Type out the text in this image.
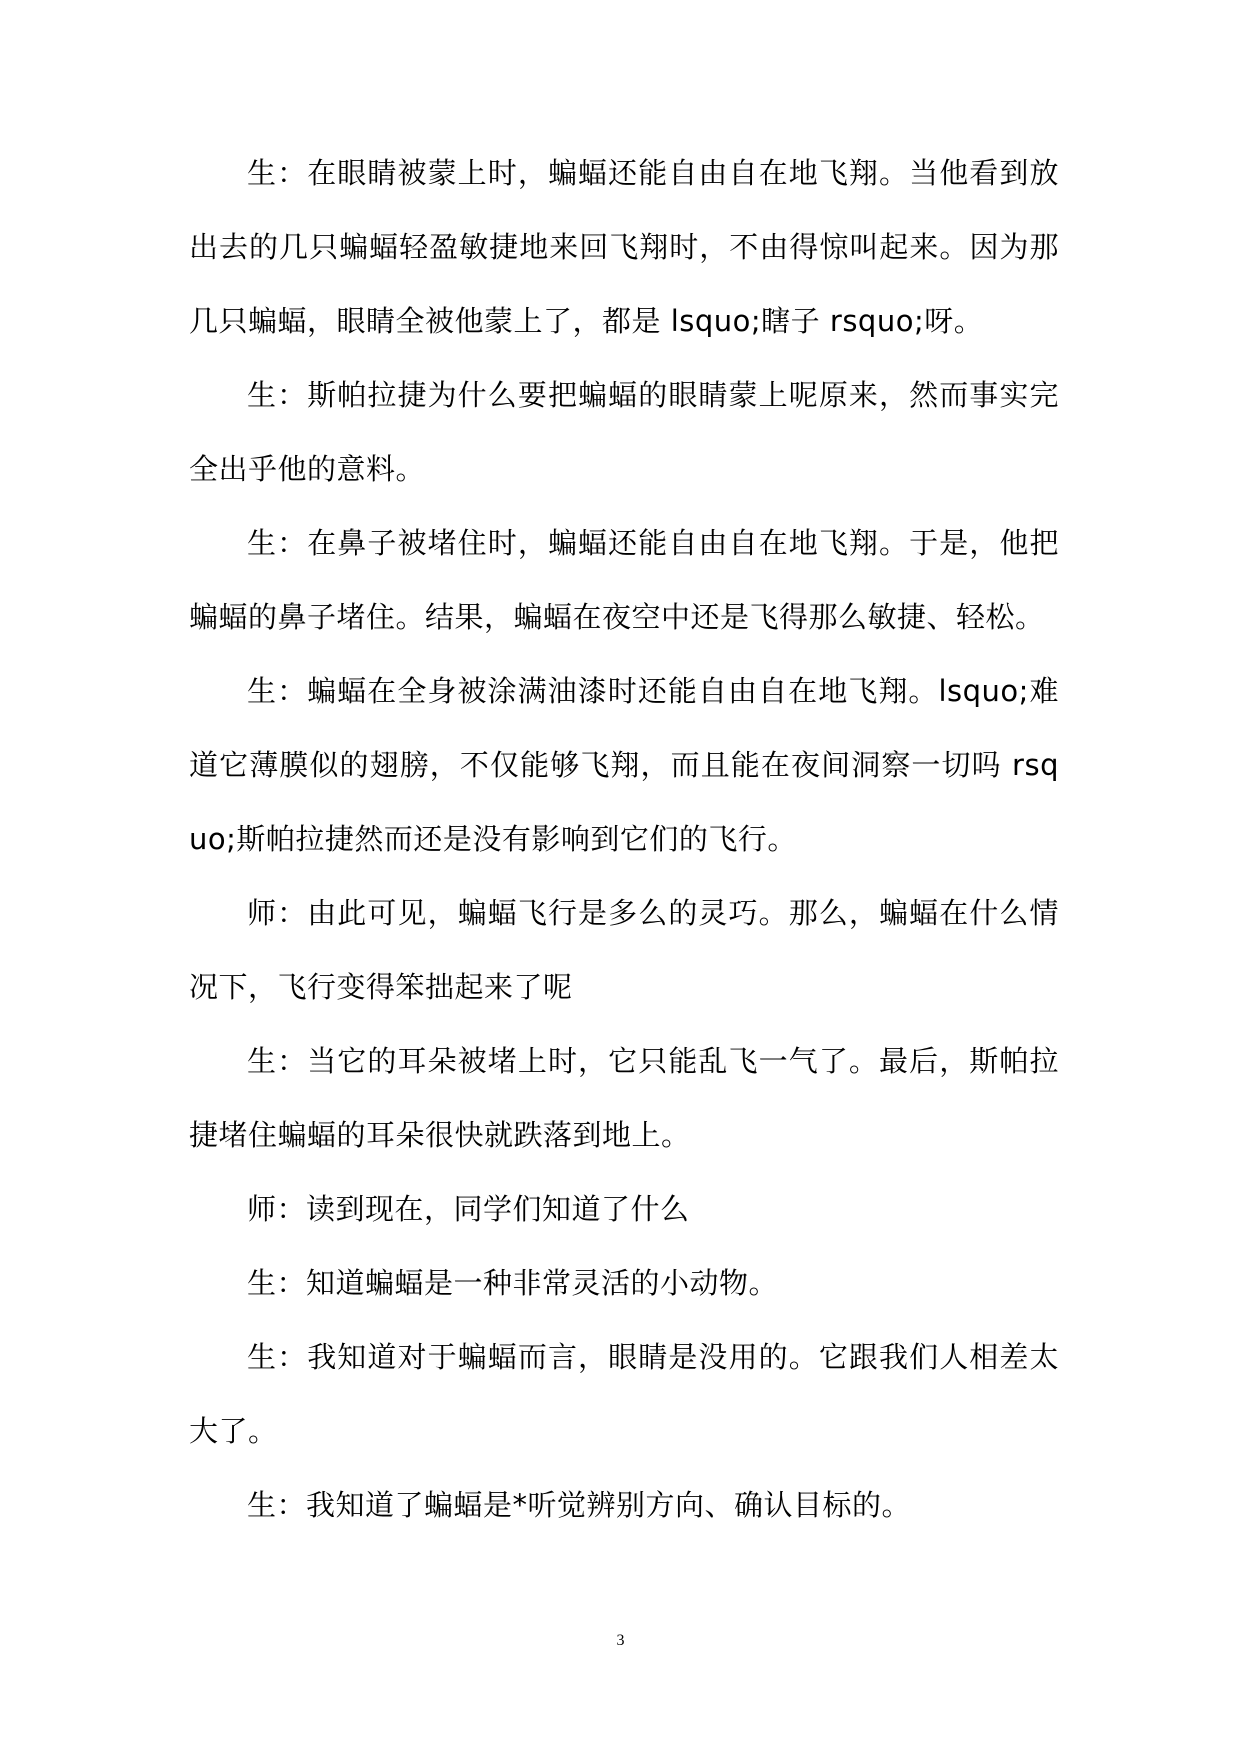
生：在眼睛被蒙上时，蝙蝠还能自由自在地飞翔。当他看到放出去的几只蝙蝠轻盈敏捷地来回飞翔时，不由得惊叫起来。因为那几只蝙蝠，眼睛全被他蒙上了，都是 lsquo;瞎子 rsquo;呀。

生：斯帕拉捷为什么要把蝙蝠的眼睛蒙上呢原来，然而事实完全出乎他的意料。

生：在鼻子被堵住时，蝙蝠还能自由自在地飞翔。于是，他把蝙蝠的鼻子堵住。结果，蝙蝠在夜空中还是飞得那么敏捷、轻松。

生：蝙蝠在全身被涂满油漆时还能自由自在地飞翔。lsquo;难道它薄膜似的翅膀，不仅能够飞翔，而且能在夜间洞察一切吗 rsquo;斯帕拉捷然而还是没有影响到它们的飞行。

师：由此可见，蝙蝠飞行是多么的灵巧。那么，蝙蝠在什么情况下，飞行变得笨拙起来了呢

生：当它的耳朵被堵上时，它只能乱飞一气了。最后，斯帕拉捷堵住蝙蝠的耳朵很快就跌落到地上。

师：读到现在，同学们知道了什么

生：知道蝙蝠是一种非常灵活的小动物。

生：我知道对于蝙蝠而言，眼睛是没用的。它跟我们人相差太大了。

生：我知道了蝙蝠是*听觉辨别方向、确认目标的。

3
